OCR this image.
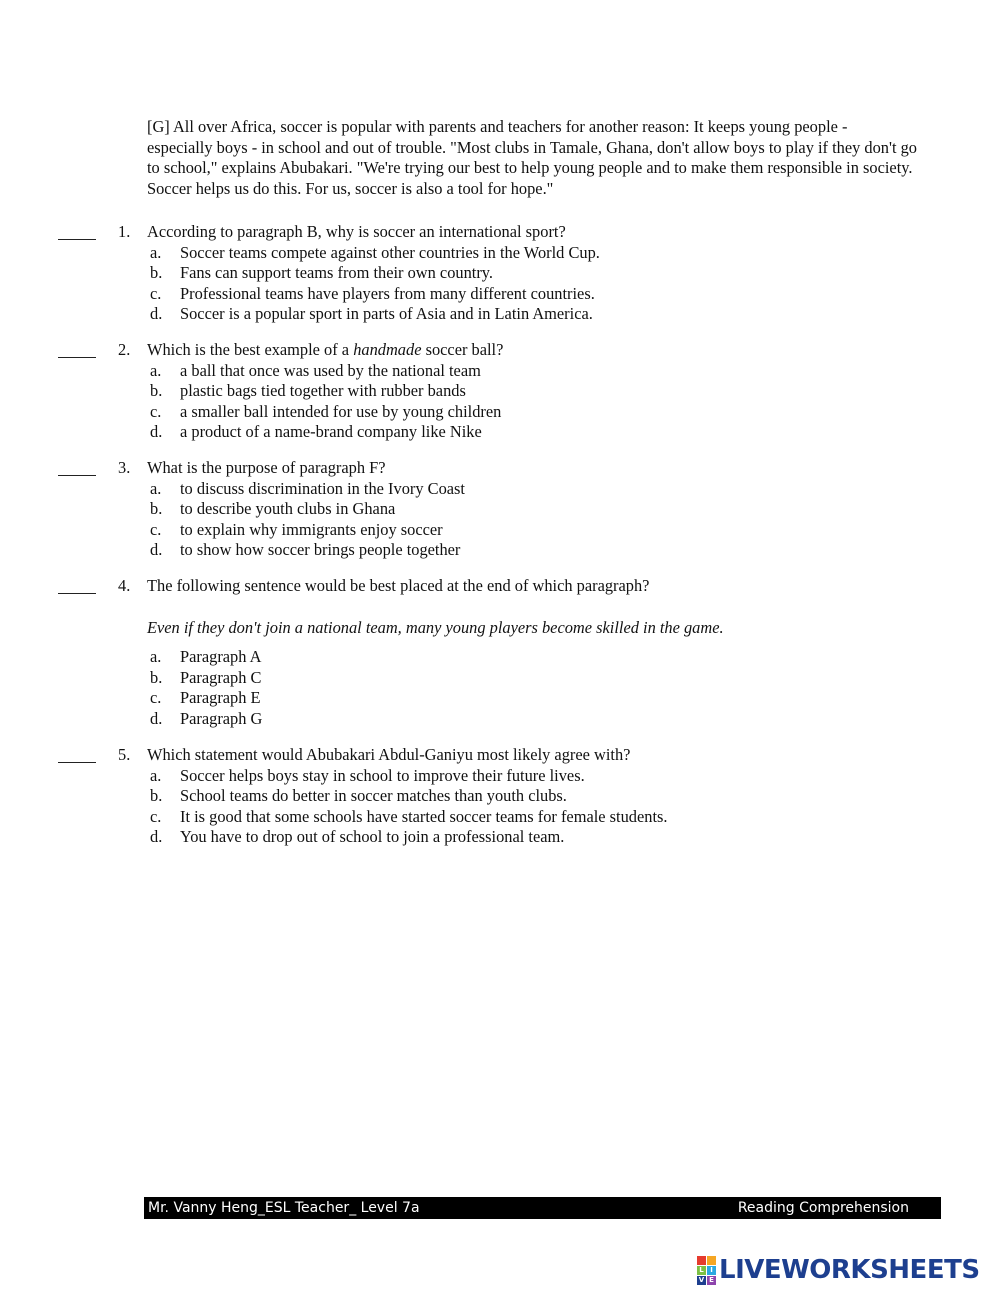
[G] All over Africa, soccer is popular with parents and teachers for another reason: It keeps young people - especially boys - in school and out of trouble. "Most clubs in Tamale, Ghana, don't allow boys to play if they don't go to school," explains Abubakari. "We're trying our best to help young people and to make them responsible in society. Soccer helps us do this. For us, soccer is also a tool for hope."

1. According to paragraph B, why is soccer an international sport?
a. Soccer teams compete against other countries in the World Cup.
b. Fans can support teams from their own country.
c. Professional teams have players from many different countries.
d. Soccer is a popular sport in parts of Asia and in Latin America.
2. Which is the best example of a handmade soccer ball?
a. a ball that once was used by the national team
b. plastic bags tied together with rubber bands
c. a smaller ball intended for use by young children
d. a product of a name-brand company like Nike
3. What is the purpose of paragraph F?
a. to discuss discrimination in the Ivory Coast
b. to describe youth clubs in Ghana
c. to explain why immigrants enjoy soccer
d. to show how soccer brings people together
4. The following sentence would be best placed at the end of which paragraph?
Even if they don't join a national team, many young players become skilled in the game.
a. Paragraph A
b. Paragraph C
c. Paragraph E
d. Paragraph G
5. Which statement would Abubakari Abdul-Ganiyu most likely agree with?
a. Soccer helps boys stay in school to improve their future lives.
b. School teams do better in soccer matches than youth clubs.
c. It is good that some schools have started soccer teams for female students.
d. You have to drop out of school to join a professional team.
Mr. Vanny Heng_ESL Teacher_ Level 7a	Reading Comprehension
L I
V E LIVEWORKSHEETS
